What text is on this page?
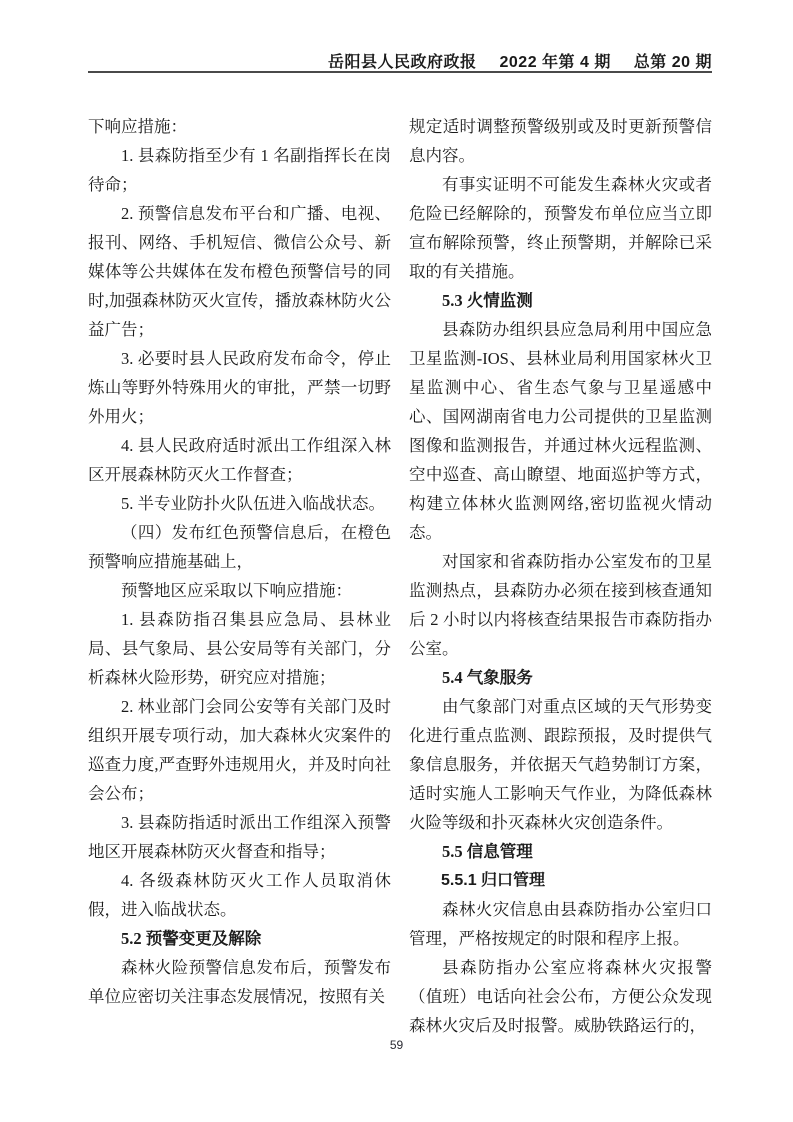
岳阳县人民政府政报 2022 年第 4 期 总第 20 期

下响应措施：

1. 县森防指至少有 1 名副指挥长在岗待命；

2. 预警信息发布平台和广播、电视、报刊、网络、手机短信、微信公众号、新媒体等公共媒体在发布橙色预警信号的同时,加强森林防灭火宣传，播放森林防火公益广告；

3. 必要时县人民政府发布命令，停止炼山等野外特殊用火的审批，严禁一切野外用火；

4. 县人民政府适时派出工作组深入林区开展森林防灭火工作督查；

5. 半专业防扑火队伍进入临战状态。

（四）发布红色预警信息后，在橙色预警响应措施基础上，

预警地区应采取以下响应措施：

1. 县森防指召集县应急局、县林业局、县气象局、县公安局等有关部门，分析森林火险形势，研究应对措施；

2. 林业部门会同公安等有关部门及时组织开展专项行动，加大森林火灾案件的巡查力度,严查野外违规用火，并及时向社会公布；

3. 县森防指适时派出工作组深入预警地区开展森林防灭火督查和指导；

4. 各级森林防灭火工作人员取消休假，进入临战状态。

5.2 预警变更及解除

森林火险预警信息发布后，预警发布单位应密切关注事态发展情况，按照有关

规定适时调整预警级别或及时更新预警信息内容。

有事实证明不可能发生森林火灾或者危险已经解除的，预警发布单位应当立即宣布解除预警，终止预警期，并解除已采取的有关措施。

5.3 火情监测

县森防办组织县应急局利用中国应急卫星监测-IOS、县林业局利用国家林火卫星监测中心、省生态气象与卫星遥感中心、国网湖南省电力公司提供的卫星监测图像和监测报告，并通过林火远程监测、空中巡查、高山瞭望、地面巡护等方式，构建立体林火监测网络,密切监视火情动态。

对国家和省森防指办公室发布的卫星监测热点，县森防办必须在接到核查通知后 2 小时以内将核查结果报告市森防指办公室。

5.4 气象服务

由气象部门对重点区域的天气形势变化进行重点监测、跟踪预报，及时提供气象信息服务，并依据天气趋势制订方案，适时实施人工影响天气作业，为降低森林火险等级和扑灭森林火灾创造条件。

5.5 信息管理

5.5.1 归口管理

森林火灾信息由县森防指办公室归口管理，严格按规定的时限和程序上报。

县森防指办公室应将森林火灾报警（值班）电话向社会公布，方便公众发现森林火灾后及时报警。威胁铁路运行的，

59
